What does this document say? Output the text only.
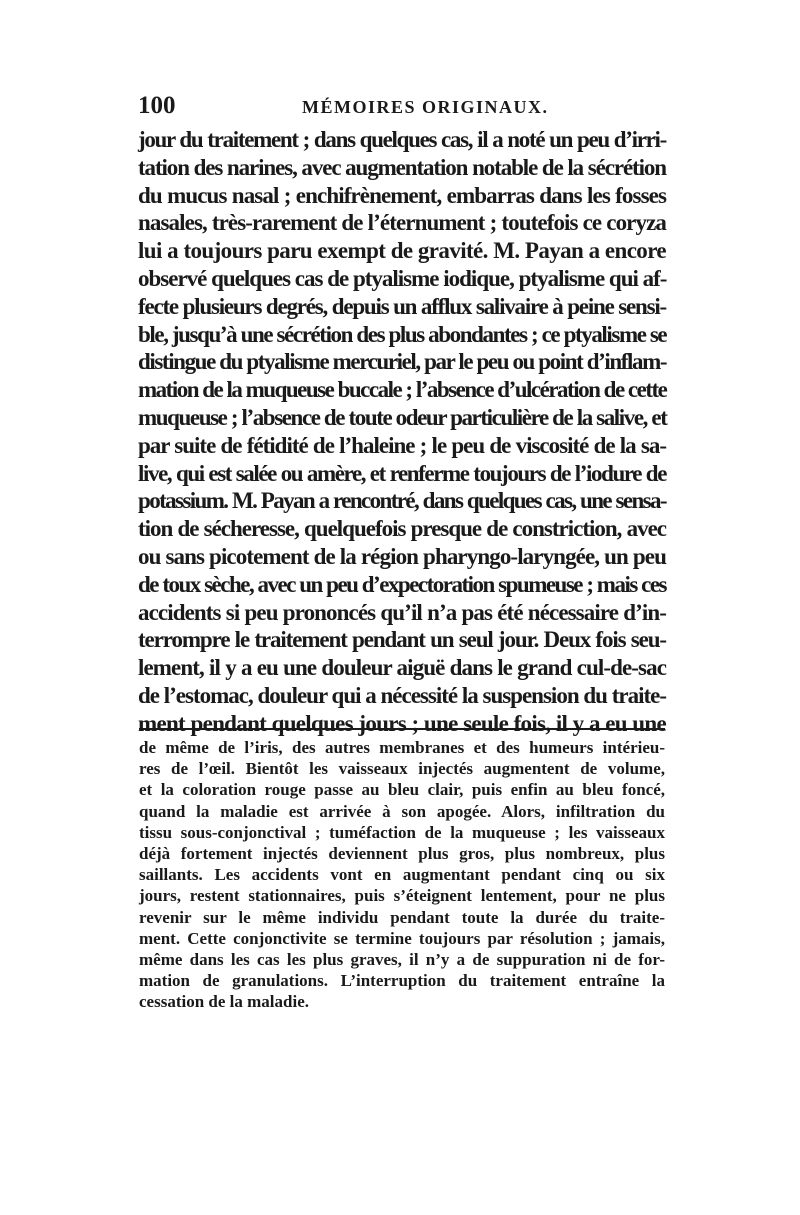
100	MÉMOIRES ORIGINAUX.
jour du traitement ; dans quelques cas, il a noté un peu d’irri-
tation des narines, avec augmentation notable de la sécrétion
du mucus nasal ; enchifrènement, embarras dans les fosses
nasales, très-rarement de l’éternument ; toutefois ce coryza
lui a toujours paru exempt de gravité. M. Payan a encore
observé quelques cas de ptyalisme iodique, ptyalisme qui af-
fecte plusieurs degrés, depuis un afflux salivaire à peine sensi-
ble, jusqu’à une sécrétion des plus abondantes ; ce ptyalisme se
distingue du ptyalisme mercuriel, par le peu ou point d’inflam-
mation de la muqueuse buccale ; l’absence d’ulcération de cette
muqueuse ; l’absence de toute odeur particulière de la salive, et
par suite de fétidité de l’haleine ; le peu de viscosité de la sa-
live, qui est salée ou amère, et renferme toujours de l’iodure de
potassium. M. Payan a rencontré, dans quelques cas, une sensa-
tion de sécheresse, quelquefois presque de constriction, avec
ou sans picotement de la région pharyngo-laryngée, un peu
de toux sèche, avec un peu d’expectoration spumeuse ; mais ces
accidents si peu prononcés qu’il n’a pas été nécessaire d’in-
terrompre le traitement pendant un seul jour. Deux fois seu-
lement, il y a eu une douleur aiguë dans le grand cul-de-sac
de l’estomac, douleur qui a nécessité la suspension du traite-
ment pendant quelques jours ; une seule fois, il y a eu une
de même de l’iris, des autres membranes et des humeurs intérieu-
res de l’œil. Bientôt les vaisseaux injectés augmentent de volume,
et la coloration rouge passe au bleu clair, puis enfin au bleu foncé,
quand la maladie est arrivée à son apogée. Alors, infiltration du
tissu sous-conjonctival ; tuméfaction de la muqueuse ; les vaisseaux
déjà fortement injectés deviennent plus gros, plus nombreux, plus
saillants. Les accidents vont en augmentant pendant cinq ou six
jours, restent stationnaires, puis s’éteignent lentement, pour ne plus
revenir sur le même individu pendant toute la durée du traite-
ment. Cette conjonctivite se termine toujours par résolution ; jamais,
même dans les cas les plus graves, il n’y a de suppuration ni de for-
mation de granulations. L’interruption du traitement entraîne la
cessation de la maladie.
